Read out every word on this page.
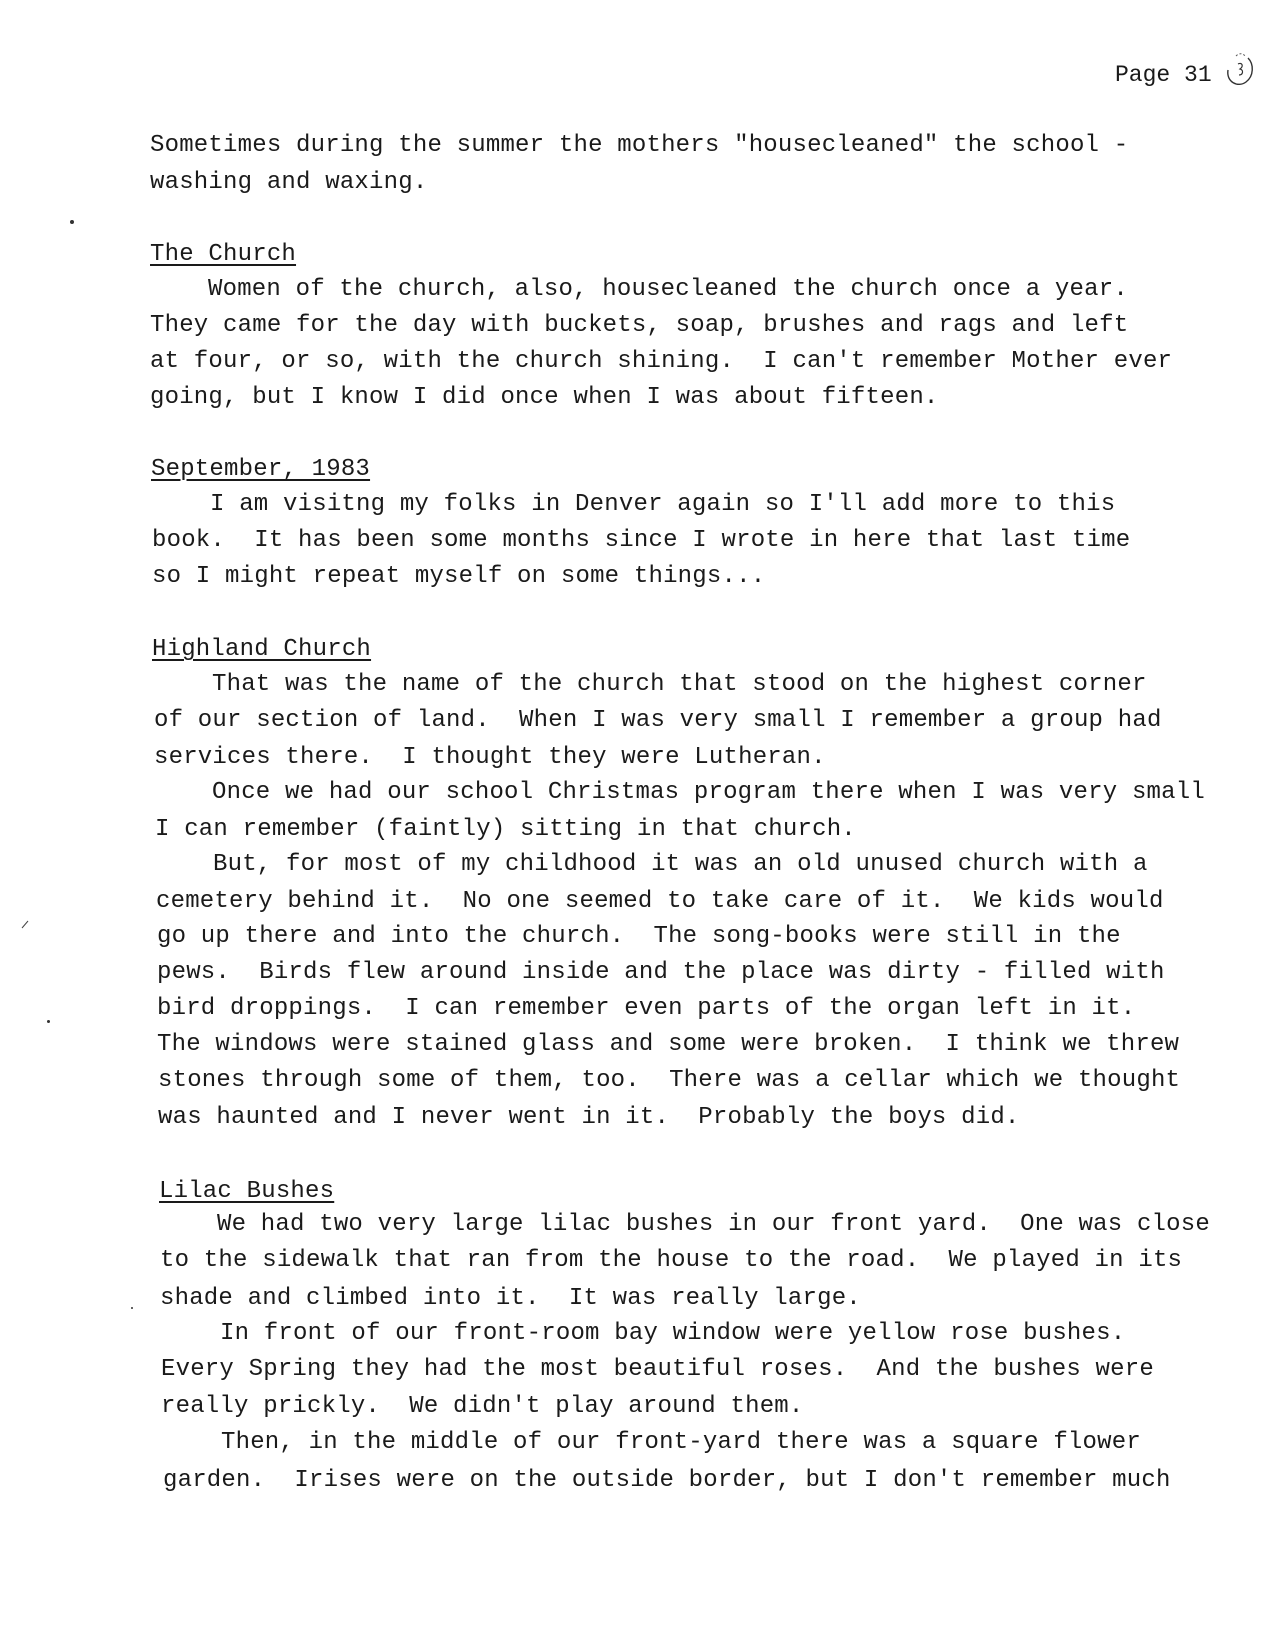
Page 31
Sometimes during the summer the mothers "housecleaned" the school -
washing and waxing.
The Church
Women of the church, also, housecleaned the church once a year.
They came for the day with buckets, soap, brushes and rags and left
at four, or so, with the church shining.  I can't remember Mother ever
going, but I know I did once when I was about fifteen.
September, 1983
I am visitng my folks in Denver again so I'll add more to this
book.  It has been some months since I wrote in here that last time
so I might repeat myself on some things...
Highland Church
That was the name of the church that stood on the highest corner
of our section of land.  When I was very small I remember a group had
services there.  I thought they were Lutheran.
Once we had our school Christmas program there when I was very small
I can remember (faintly) sitting in that church.
But, for most of my childhood it was an old unused church with a
cemetery behind it.  No one seemed to take care of it.  We kids would
go up there and into the church.  The song-books were still in the
pews.  Birds flew around inside and the place was dirty - filled with
bird droppings.  I can remember even parts of the organ left in it.
The windows were stained glass and some were broken.  I think we threw
stones through some of them, too.  There was a cellar which we thought
was haunted and I never went in it.  Probably the boys did.
Lilac Bushes
We had two very large lilac bushes in our front yard.  One was close
to the sidewalk that ran from the house to the road.  We played in its
shade and climbed into it.  It was really large.
In front of our front-room bay window were yellow rose bushes.
Every Spring they had the most beautiful roses.  And the bushes were
really prickly.  We didn't play around them.
Then, in the middle of our front-yard there was a square flower
garden.  Irises were on the outside border, but I don't remember much
